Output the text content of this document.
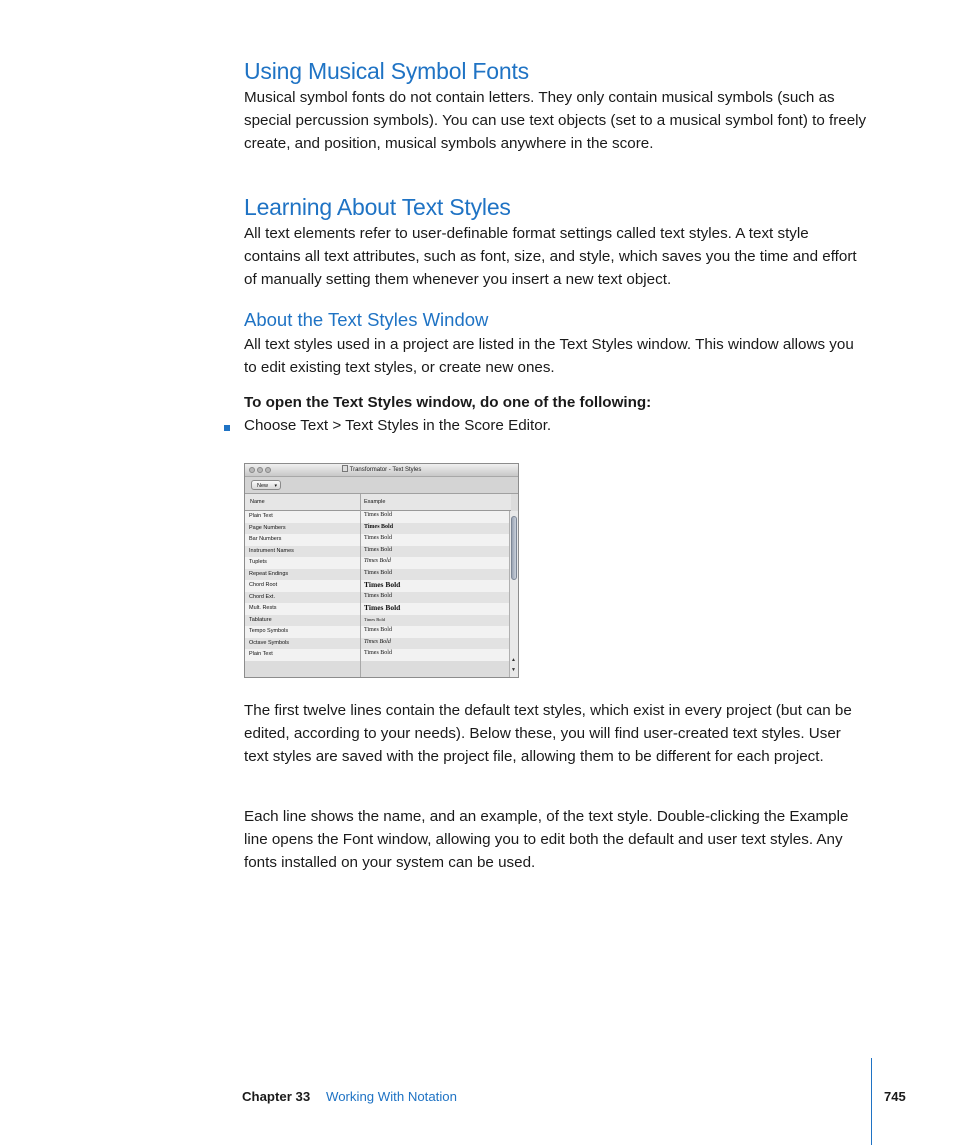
Using Musical Symbol Fonts

Musical symbol fonts do not contain letters. They only contain musical symbols (such as special percussion symbols). You can use text objects (set to a musical symbol font) to freely create, and position, musical symbols anywhere in the score.

Learning About Text Styles

All text elements refer to user-definable format settings called text styles. A text style contains all text attributes, such as font, size, and style, which saves you the time and effort of manually setting them whenever you insert a new text object.

About the Text Styles Window

All text styles used in a project are listed in the Text Styles window. This window allows you to edit existing text styles, or create new ones.

To open the Text Styles window, do one of the following:

Choose Text > Text Styles in the Score Editor.
Transformator - Text Styles
New	▾
Name	Example
Plain Text	Times Bold
Page Numbers	Times Bold
Bar Numbers	Times Bold
Instrument Names	Times Bold
Tuplets	Times Bold
Repeat Endings	Times Bold
Chord Root	Times Bold
Chord Ext.	Times Bold
Mult. Rests	Times Bold
Tablature	Times Bold
Tempo Symbols	Times Bold
Octave Symbols	Times Bold
Plain Text	Times Bold
▲
▼

The first twelve lines contain the default text styles, which exist in every project (but can be edited, according to your needs). Below these, you will find user-created text styles. User text styles are saved with the project file, allowing them to be different for each project.

Each line shows the name, and an example, of the text style. Double-clicking the Example line opens the Font window, allowing you to edit both the default and user text styles. Any fonts installed on your system can be used.

Chapter 33 Working With Notation	745
